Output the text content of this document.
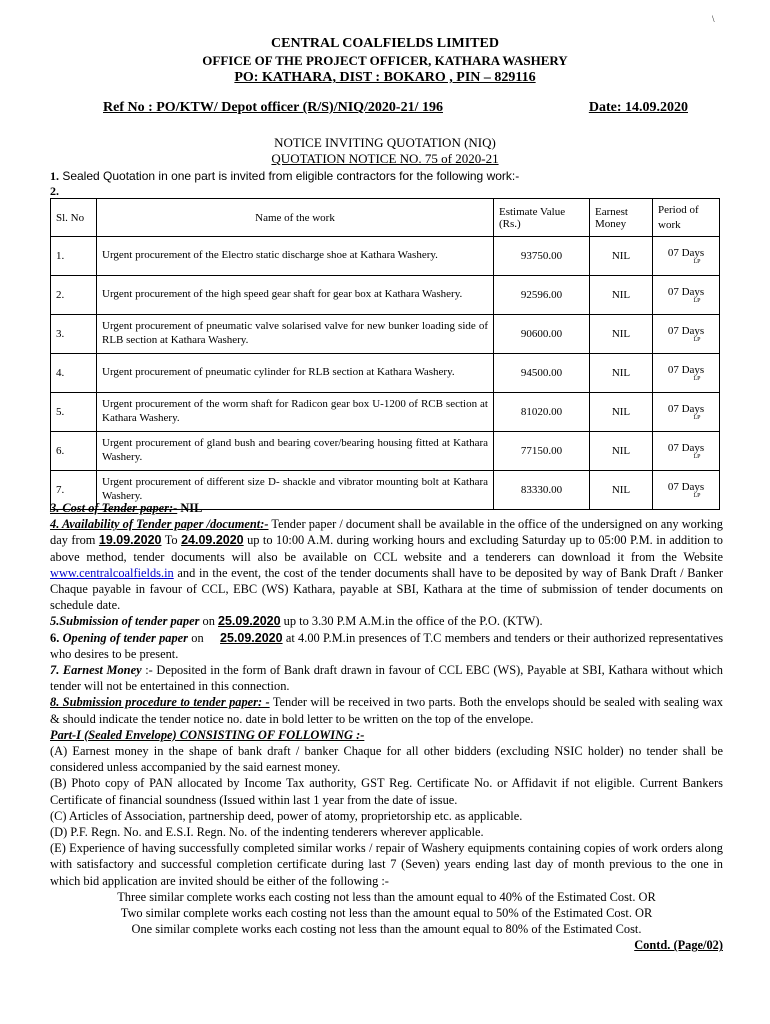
\
CENTRAL COALFIELDS LIMITED
OFFICE OF THE PROJECT OFFICER, KATHARA WASHERY
PO: KATHARA, DIST : BOKARO , PIN – 829116
Ref No : PO/KTW/ Depot officer (R/S)/NIQ/2020-21/ 196	Date: 14.09.2020
NOTICE INVITING QUOTATION (NIQ)
QUOTATION NOTICE NO. 75 of 2020-21
1. Sealed Quotation in one part is invited from eligible contractors for the following work:-
2.
Sl. No	Name of the work	Estimate Value (Rs.)	Earnest Money	Period of work
1.	Urgent procurement of the Electro static discharge shoe at Kathara Washery.	93750.00	NIL	07 Days
LP

2.	Urgent procurement of the high speed gear shaft for gear box at Kathara Washery.	92596.00	NIL	07 Days
LP

3.	Urgent procurement of pneumatic valve solarised valve for new bunker loading side of RLB section at Kathara Washery.	90600.00	NIL	07 Days
LP

4.	Urgent procurement of pneumatic cylinder for RLB section at Kathara Washery.	94500.00	NIL	07 Days
LP

5.	Urgent procurement of the worm shaft for Radicon gear box U-1200 of RCB section at Kathara Washery.	81020.00	NIL	07 Days
LP

6.	Urgent procurement of gland bush and bearing cover/bearing housing fitted at Kathara Washery.	77150.00	NIL	07 Days
LP

7.	Urgent procurement of different size D- shackle and vibrator mounting bolt at Kathara Washery.	83330.00	NIL	07 Days
LP

3. Cost of Tender paper:- NIL

4. Availability of Tender paper /document:- Tender paper / document shall be available in the office of the undersigned on any working day from 19.09.2020 To 24.09.2020 up to 10:00 A.M. during working hours and excluding Saturday up to 05:00 P.M. in addition to above method, tender documents will also be available on CCL website and a tenderers can download it from the Website www.centralcoalfields.in and in the event, the cost of the tender documents shall have to be deposited by way of Bank Draft / Banker Chaque payable in favour of CCL, EBC (WS) Kathara, payable at SBI, Kathara at the time of submission of tender documents on schedule date.

5.Submission of tender paper on 25.09.2020 up to 3.30 P.M A.M.in the office of the P.O. (KTW).

6. Opening of tender paper on     25.09.2020 at 4.00 P.M.in presences of T.C members and tenders or their authorized representatives who desires to be present.

7. Earnest Money :- Deposited in the form of Bank draft drawn in favour of CCL EBC (WS), Payable at SBI, Kathara without which tender will not be entertained in this connection.

8. Submission procedure to tender paper: - Tender will be received in two parts. Both the envelops should be sealed with sealing wax & should indicate the tender notice no. date in bold letter to be written on the top of the envelope.

Part-I (Sealed Envelope) CONSISTING OF FOLLOWING :-

(A) Earnest money in the shape of bank draft / banker Chaque for all other bidders (excluding NSIC holder) no tender shall be considered unless accompanied by the said earnest money.

(B) Photo copy of PAN allocated by Income Tax authority, GST Reg. Certificate No. or Affidavit if not eligible. Current Bankers Certificate of financial soundness (Issued within last 1 year from the date of issue.

(C) Articles of Association, partnership deed, power of atomy, proprietorship etc. as applicable.

(D) P.F. Regn. No. and E.S.I. Regn. No. of the indenting tenderers wherever applicable.

(E) Experience of having successfully completed similar works / repair of Washery equipments containing copies of work orders along with satisfactory and successful completion certificate during last 7 (Seven) years ending last day of month previous to the one in which bid application are invited should be either of the following :-

Three similar complete works each costing not less than the amount equal to 40% of the Estimated Cost. OR

Two similar complete works each costing not less than the amount equal to 50% of the Estimated Cost. OR

One similar complete works each costing not less than the amount equal to 80% of the Estimated Cost.

Contd. (Page/02)
